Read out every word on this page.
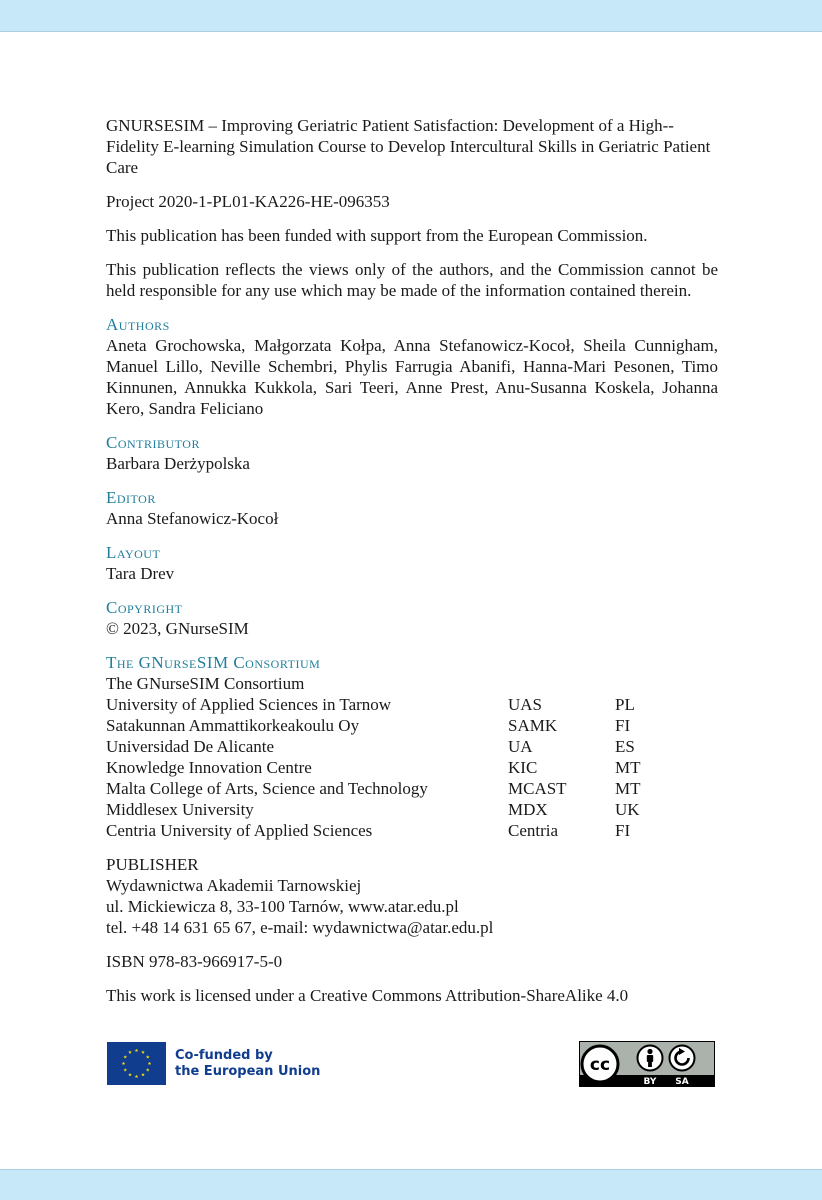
GNURSESIM – Improving Geriatric Patient Satisfaction: Development of a High--Fidelity E-learning Simulation Course to Develop Intercultural Skills in Geriatric Patient Care

Project 2020-1-PL01-KA226-HE-096353

This publication has been funded with support from the European Commission.

This publication reflects the views only of the authors, and the Commission cannot be held responsible for any use which may be made of the information contained therein.

Authors

Aneta Grochowska, Małgorzata Kołpa, Anna Stefanowicz-Kocoł, Sheila Cunnigham, Manuel Lillo, Neville Schembri, Phylis Farrugia Abanifi, Hanna-Mari Pesonen, Timo Kinnunen, Annukka Kukkola, Sari Teeri, Anne Prest, Anu-Susanna Koskela, Johanna Kero, Sandra Feliciano

Contributor

Barbara Derżypolska

Editor

Anna Stefanowicz-Kocoł

Layout

Tara Drev

Copyright

© 2023, GNurseSIM

The GNurseSIM Consortium

The GNurseSIM Consortium

University of Applied Sciences in Tarnow	UAS	PL
Satakunnan Ammattikorkeakoulu Oy	SAMK	FI
Universidad De Alicante	UA	ES
Knowledge Innovation Centre	KIC	MT
Malta College of Arts, Science and Technology	MCAST	MT
Middlesex University	MDX	UK
Centria University of Applied Sciences	Centria	FI

PUBLISHER

Wydawnictwa Akademii Tarnowskiej

ul. Mickiewicza 8, 33-100 Tarnów, www.atar.edu.pl

tel. +48 14 631 65 67, e-mail: wydawnictwa@atar.edu.pl

ISBN 978-83-966917-5-0

This work is licensed under a Creative Commons Attribution-ShareAlike 4.0

Co-funded by
the European Union	cc
BY SA
